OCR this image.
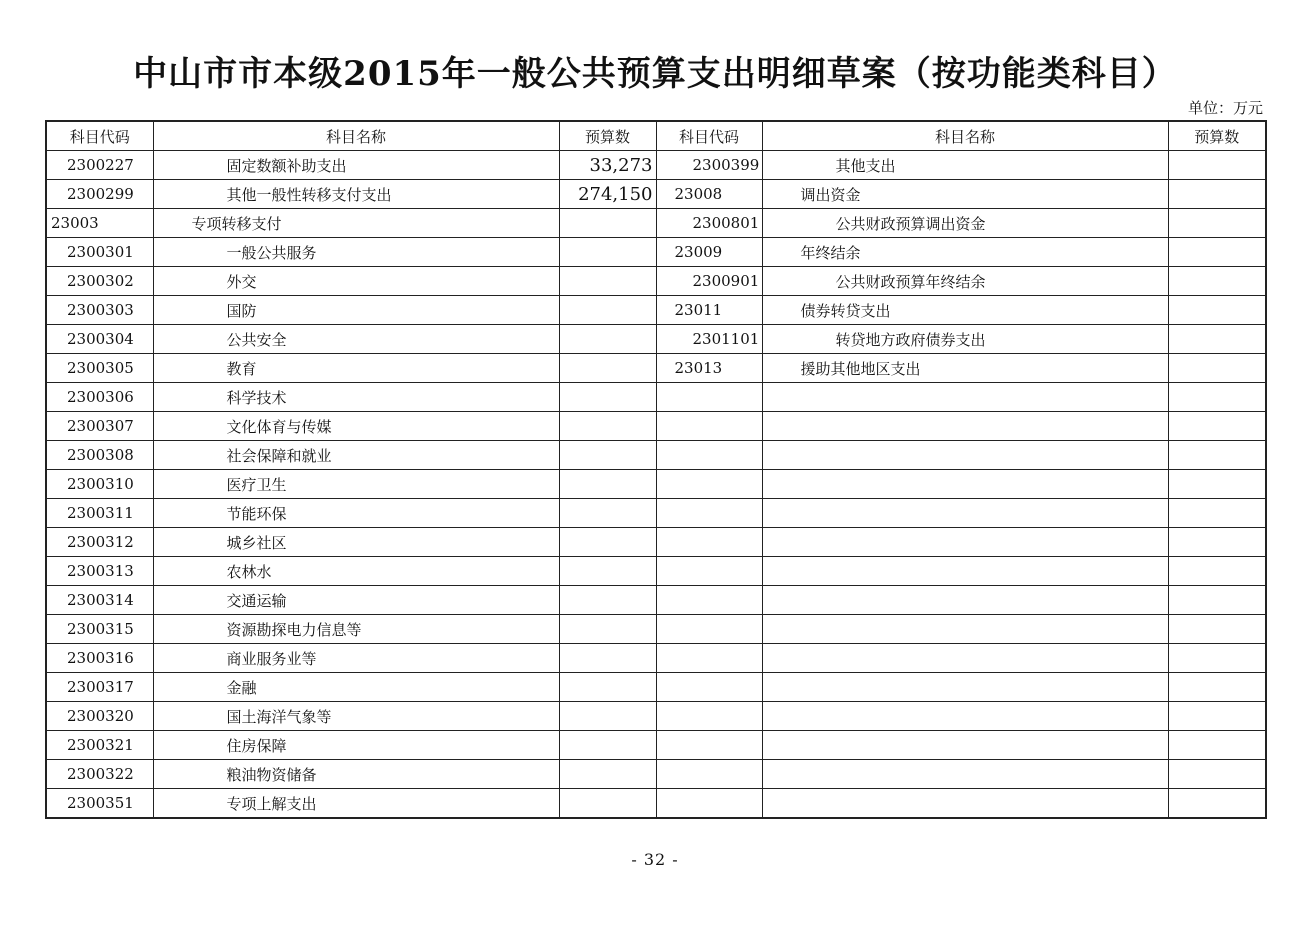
中山市市本级2015年一般公共预算支出明细草案（按功能类科目）
单位：万元
科目代码	科目名称	预算数	科目代码	科目名称	预算数
2300227	固定数额补助支出	33,273	2300399	其他支出	
2300299	其他一般性转移支付支出	274,150	23008	调出资金	
23003	专项转移支付		2300801	公共财政预算调出资金	
2300301	一般公共服务		23009	年终结余	
2300302	外交		2300901	公共财政预算年终结余	
2300303	国防		23011	债券转贷支出	
2300304	公共安全		2301101	转贷地方政府债券支出	
2300305	教育		23013	援助其他地区支出	
2300306	科学技术				
2300307	文化体育与传媒				
2300308	社会保障和就业				
2300310	医疗卫生				
2300311	节能环保				
2300312	城乡社区				
2300313	农林水				
2300314	交通运输				
2300315	资源勘探电力信息等				
2300316	商业服务业等				
2300317	金融				
2300320	国土海洋气象等				
2300321	住房保障				
2300322	粮油物资储备				
2300351	专项上解支出				
- 32 -
